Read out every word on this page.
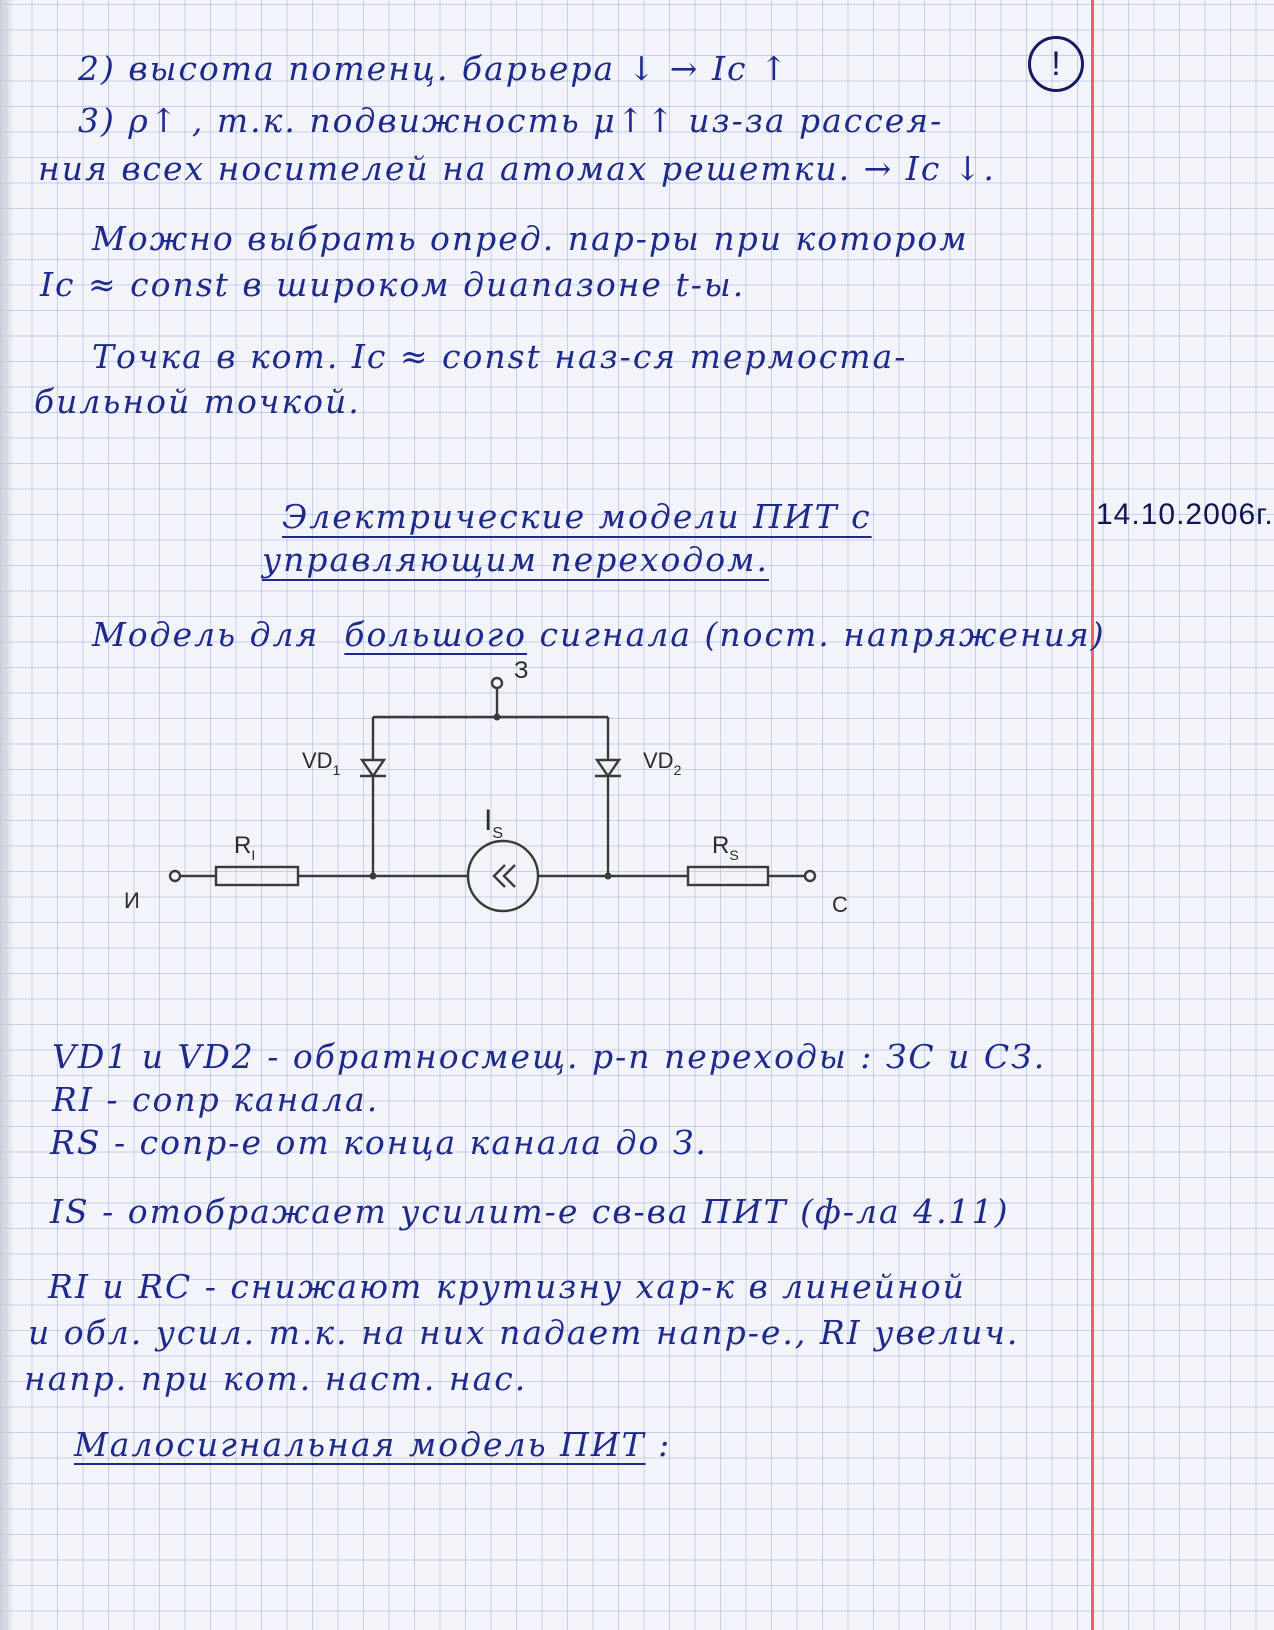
2) высота потенц. барьера ↓ → Iс ↑	!

3) ρ↑ , т.к. подвижность μ↑↑ из-за рассея-

ния всех носителей на атомах решетки. → Iс ↓.

Можно выбрать опред. пар-ры при котором

Iс ≈ const в широком диапазоне t-ы.

Точка в кот. Iс ≈ const наз-ся термостa-

бильной точкой.

Электрические модели ПИТ с	14.10.2006г.

управляющим переходом.

Модель для большого сигнала (пост. напряжения)

З
$VD_1$	$VD_2$
$I_S$
$R_I$	$R_S$
И	С

VD1 и VD2 - обратносмещ. p-n переходы : ЗС и СЗ.

RI - сопр канала.

RS - сопр-е от конца канала до З.

IS - отображает усилит-е св-ва ПИТ (ф-ла 4.11)

RI и RС - снижают крутизну хар-к в линейной

и обл. усил. т.к. на них падает напр-е., RI увелич.

напр. при кот. наст. нас.

Малосигнальная модель ПИТ :
